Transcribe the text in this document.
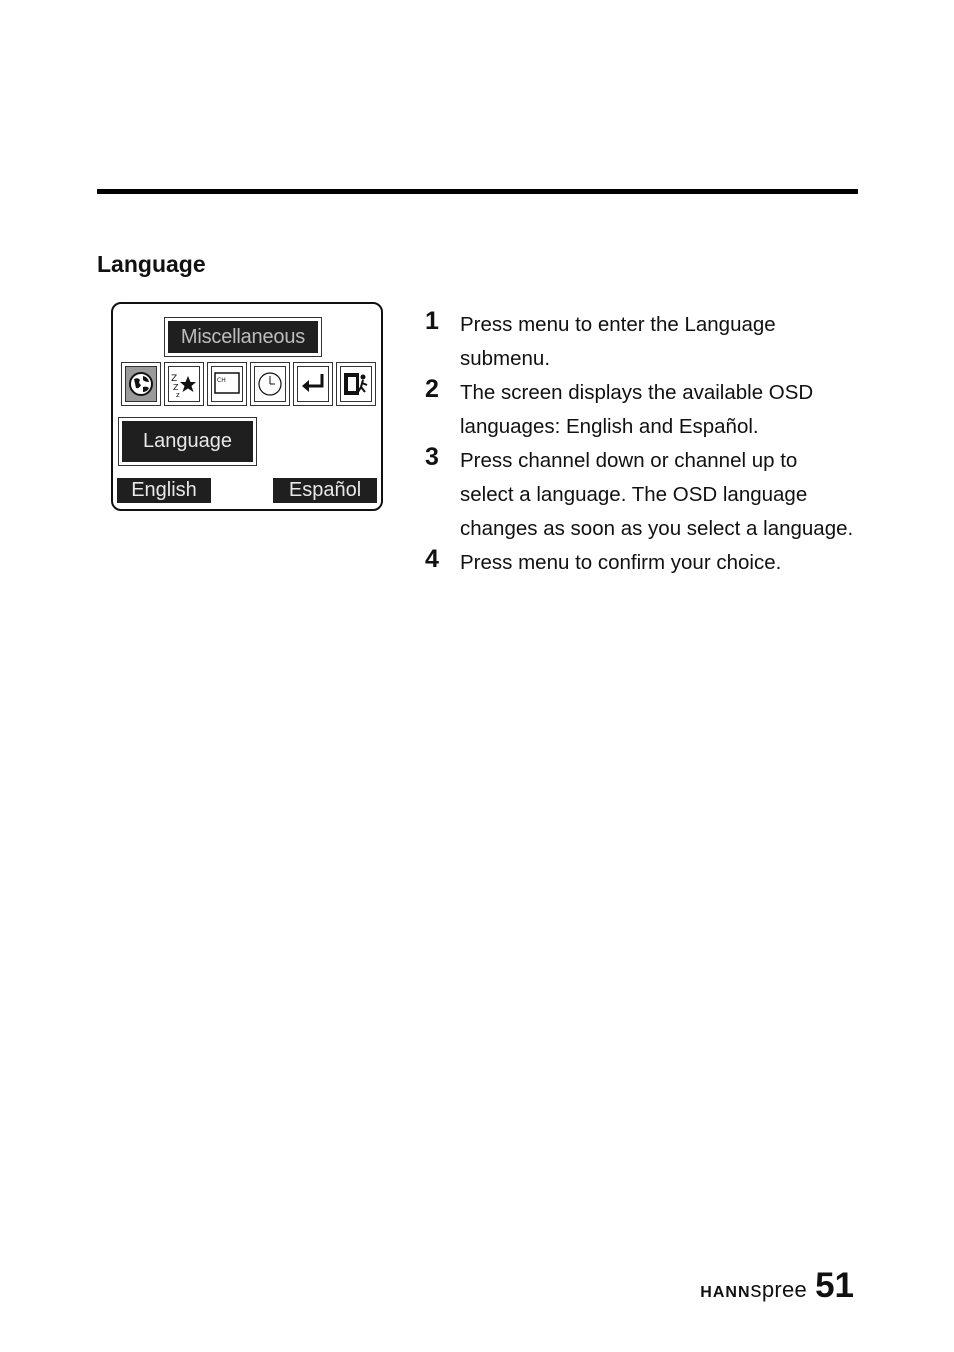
Language
Miscellaneous
Z
Z
z
CH
Language
English	Español
1 Press menu to enter the Language submenu.
2 The screen displays the available OSD languages: English and Español.
3 Press channel down or channel up to select a language. The OSD language changes as soon as you select a language.
4 Press menu to confirm your choice.
HANNspree 51
